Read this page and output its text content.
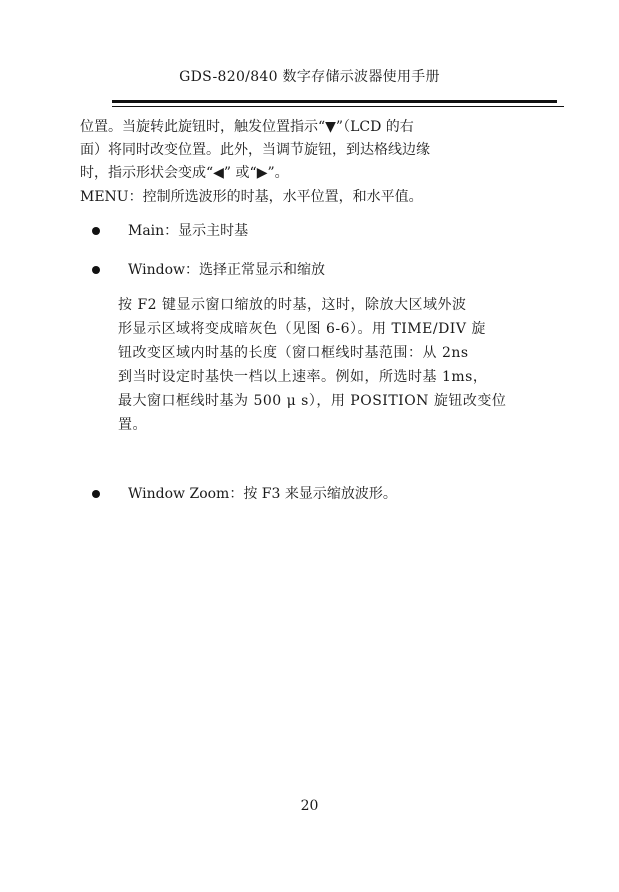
GDS-820/840 数字存储示波器使用手册
位置。当旋转此旋钮时，触发位置指示“▼”（LCD 的右
面）将同时改变位置。此外，当调节旋钮，到达格线边缘
时，指示形状会变成“◀” 或“▶”。
MENU：控制所选波形的时基，水平位置，和水平值。
Main：显示主时基
Window：选择正常显示和缩放
按 F2 键显示窗口缩放的时基，这时，除放大区域外波
形显示区域将变成暗灰色（见图 6-6）。用 TIME/DIV 旋
钮改变区域内时基的长度（窗口框线时基范围：从 2ns
到当时设定时基快一档以上速率。例如，所选时基 1ms，
最大窗口框线时基为 500 μ s），用 POSITION 旋钮改变位
置。
Window Zoom：按 F3 来显示缩放波形。
20
